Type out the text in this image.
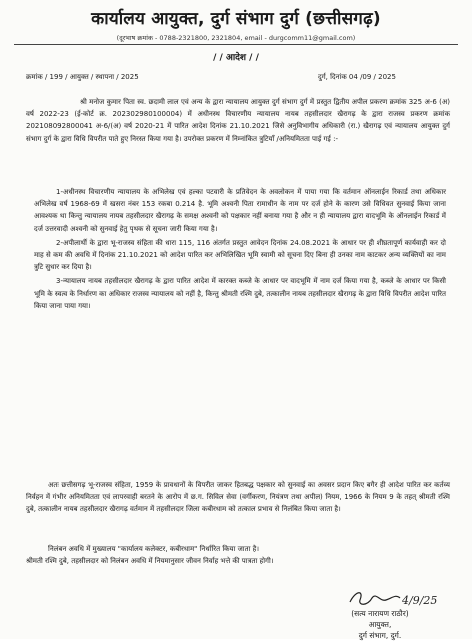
कार्यालय आयुक्त, दुर्ग संभाग दुर्ग (छत्तीसगढ़)
(दूरभाष क्रमांक - 0788-2321800, 2321804, email - durgcomm11@gmail.com)
/ / आदेश / /
क्रमांक / 199 / आयुक्त / स्थापना / 2025	दुर्ग, दिनांक 04 /09 / 2025
श्री मनोज कुमार पिता स्व. छदामी लाल एवं अन्य के द्वारा न्यायालय आयुक्त दुर्ग संभाग दुर्ग में प्रस्तुत द्वितीय अपील प्रकरण क्रमांक 325 अ-6 (अ) वर्ष 2022-23 (ई-कोर्ट क्र. 202302980100004) में अधीनस्थ विचारणीय न्यायालय नायब तहसीलदार खैरागढ़ के द्वारा राजस्व प्रकरण क्रमांक 202108092800041 अ-6/(अ) वर्ष 2020-21 में पारित आदेश दिनांक 21.10.2021 जिसे अनुविभागीय अधिकारी (रा.) खैरागढ़ एवं न्यायालय आयुक्त दुर्ग संभाग दुर्ग के द्वारा विधि विपरीत पाते हुए निरस्त किया गया है। उपरोक्त प्रकरण में निम्नांकित त्रुटियाँ /अनियमितता पाई गई :-

1-अधीनस्थ विचारणीय न्यायालय के अभिलेख एवं हल्का पटवारी के प्रतिवेदन के अवलोकन में पाया गया कि वर्तमान ऑनलाईन रिकार्ड तथा अधिकार अभिलेख वर्ष 1968-69 में खसरा नंबर 153 रकबा 0.214 है. भूमि अश्वनी पिता रामाधीन के नाम पर दर्ज होने के कारण उसे विधिवत सुनवाई किया जाना आवश्यक था किन्तु न्यायालय नायब तहसीलदार खैरागढ़ के समक्ष अश्वनी को पक्षकार नहीं बनाया गया है और न ही न्यायालय द्वारा वादभूमि के ऑनलाईन रिकार्ड में दर्ज उत्तरवादी अश्वनी को सुनवाई हेतु पृथक से सूचना जारी किया गया है।

2-अपीलार्थी के द्वारा भू-राजस्व संहिता की धारा 115, 116 अंतर्गत प्रस्तुत आवेदन दिनांक 24.08.2021 के आधार पर ही शीघ्रतापूर्ण कार्यवाही कर दो माह से कम की अवधि में दिनांक 21.10.2021 को आदेश पारित कर अभिलिखित भूमि स्वामी को सूचना दिए बिना ही उनका नाम काटकर अन्य व्यक्तियों का नाम त्रुटि सुधार कर दिया है।

3-न्यायालय नायब तहसीलदार खैरागढ़ के द्वारा पारित आदेश में कारक्त कब्जे के आधार पर वादभूमि में नाम दर्ज किया गया है, कब्जे के आधार पर किसी भूमि के स्वत्व के निर्धारण का अधिकार राजस्व न्यायालय को नहीं है, किन्तु श्रीमती रश्मि दुबे, तत्कालीन नायब तहसीलदार खैरागढ़ के द्वारा विधि विपरीत आदेश पारित किया जाना पाया गया।

अतः छत्तीसगढ़ भू-राजस्व संहिता, 1959 के प्रावधानों के विपरीत जाकर हितबद्ध पक्षकार को सुनवाई का अवसर प्रदान किए बगैर ही आदेश पारित कर कर्तव्य निर्वहन में गंभीर अनियमितता एवं लापरवाही बरतने के आरोप में छ.ग. सिविल सेवा (वर्गीकरण, नियंत्रण तथा अपील) नियम, 1966 के नियम 9 के तहत् श्रीमती रश्मि दुबे, तत्कालीन नायब तहसीलदार खैरागढ़ वर्तमान में तहसीलदार जिला कबीरधाम को तत्काल प्रभाव से निलंबित किया जाता है।

निलंबन अवधि में मुख्यालय "कार्यालय कलेक्टर, कबीरधाम" निर्धारित किया जाता है।

श्रीमती रश्मि दुबे, तहसीलदार को निलंबन अवधि में नियमानुसार जीवन निर्वाह भत्ते की पात्रता होगी।

4/9/25
(सत्य नारायण राठौर)
आयुक्त,
दुर्ग संभाग, दुर्ग.
